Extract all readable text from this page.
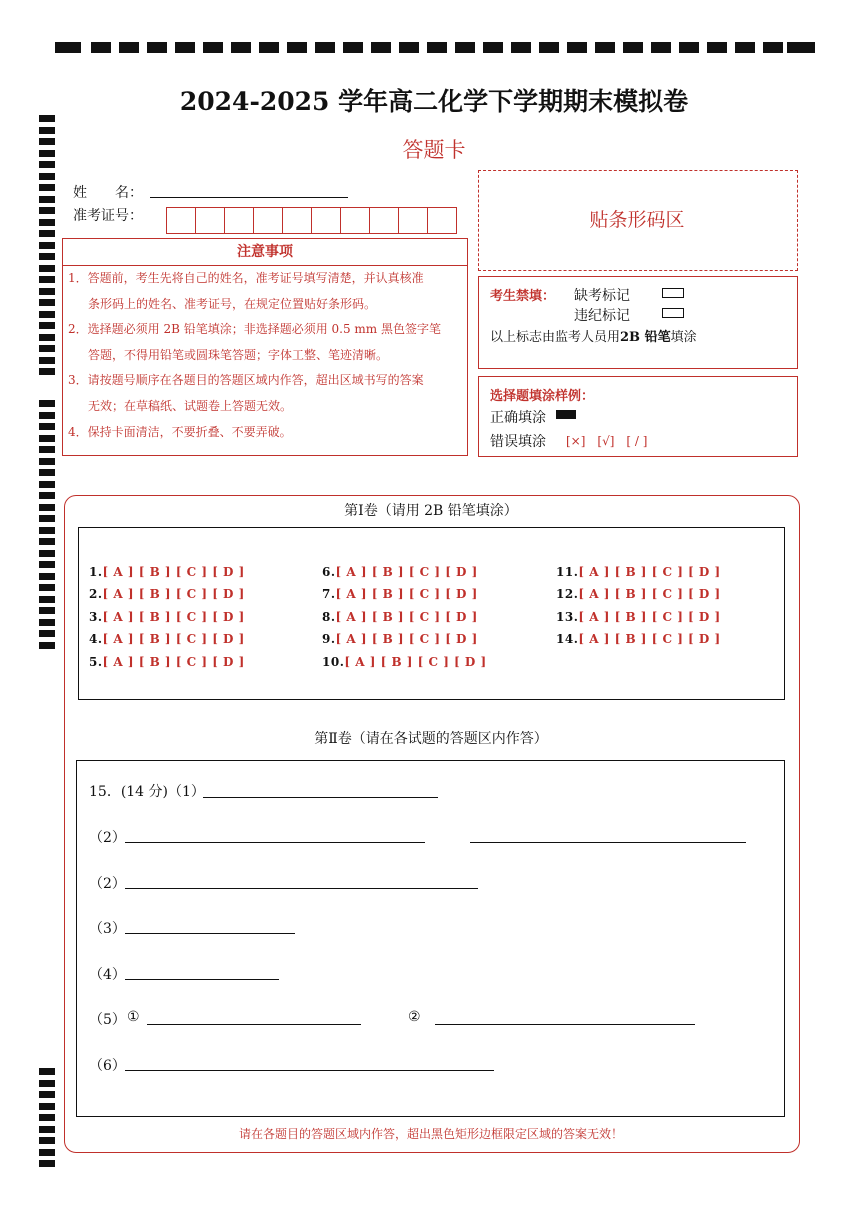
2024-2025 学年高二化学下学期期末模拟卷
答题卡
姓　　名：
准考证号：
注意事项
1．答题前，考生先将自己的姓名，准考证号填写清楚，并认真核准
条形码上的姓名、准考证号，在规定位置贴好条形码。
2．选择题必须用 2B 铅笔填涂；非选择题必须用 0.5 mm 黑色签字笔
答题，不得用铅笔或圆珠笔答题；字体工整、笔迹清晰。
3．请按题号顺序在各题目的答题区域内作答，超出区域书写的答案
无效；在草稿纸、试题卷上答题无效。
4．保持卡面清洁，不要折叠、不要弄破。
贴条形码区
考生禁填： 缺考标记
违纪标记
以上标志由监考人员用2B 铅笔填涂
选择题填涂样例：
正确填涂
错误填涂 [×]　[√]　[ / ]
第Ⅰ卷（请用 2B 铅笔填涂）
1.[ A ] [ B ] [ C ] [ D ]
2.[ A ] [ B ] [ C ] [ D ]
3.[ A ] [ B ] [ C ] [ D ]
4.[ A ] [ B ] [ C ] [ D ]
5.[ A ] [ B ] [ C ] [ D ]
6.[ A ] [ B ] [ C ] [ D ]
7.[ A ] [ B ] [ C ] [ D ]
8.[ A ] [ B ] [ C ] [ D ]
9.[ A ] [ B ] [ C ] [ D ]
10.[ A ] [ B ] [ C ] [ D ]
11.[ A ] [ B ] [ C ] [ D ]
12.[ A ] [ B ] [ C ] [ D ]
13.[ A ] [ B ] [ C ] [ D ]
14.[ A ] [ B ] [ C ] [ D ]
第Ⅱ卷（请在各试题的答题区内作答）
15．(14 分)（1）
（2）
（2）
（3）
（4）
（5） ①	②
（6）
请在各题目的答题区域内作答，超出黑色矩形边框限定区域的答案无效！
